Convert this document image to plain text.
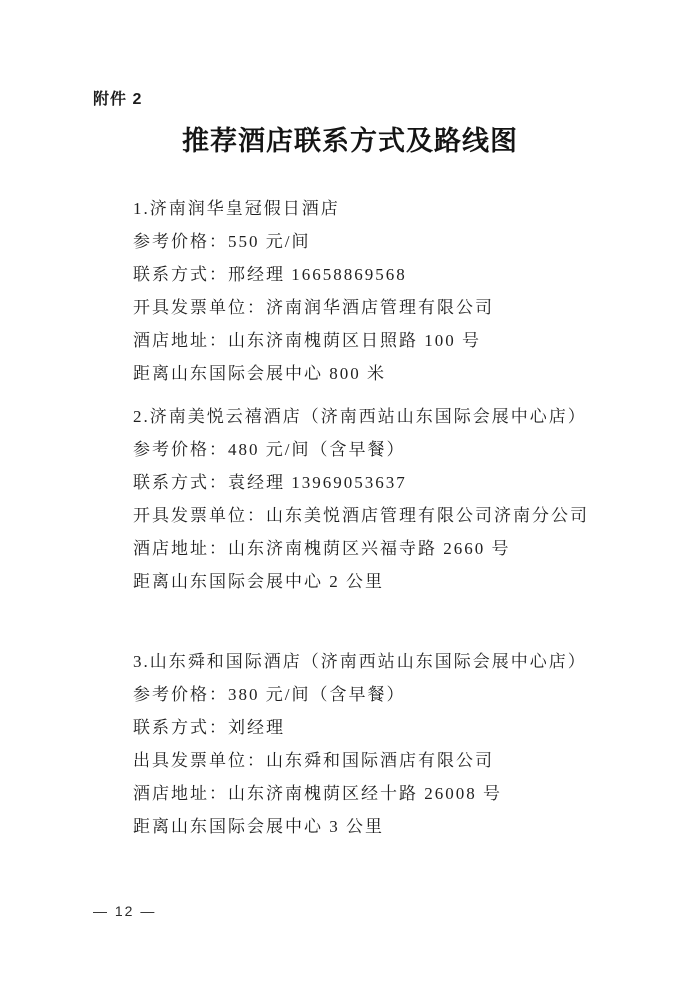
附件 2
推荐酒店联系方式及路线图
1.济南润华皇冠假日酒店
参考价格：550 元/间
联系方式：邢经理 16658869568
开具发票单位：济南润华酒店管理有限公司
酒店地址：山东济南槐荫区日照路 100 号
距离山东国际会展中心 800 米
2.济南美悦云禧酒店（济南西站山东国际会展中心店）
参考价格：480 元/间（含早餐）
联系方式：袁经理 13969053637
开具发票单位：山东美悦酒店管理有限公司济南分公司
酒店地址：山东济南槐荫区兴福寺路 2660 号
距离山东国际会展中心 2 公里
3.山东舜和国际酒店（济南西站山东国际会展中心店）
参考价格：380 元/间（含早餐）
联系方式：刘经理
出具发票单位：山东舜和国际酒店有限公司
酒店地址：山东济南槐荫区经十路 26008 号
距离山东国际会展中心 3 公里
— 12 —
